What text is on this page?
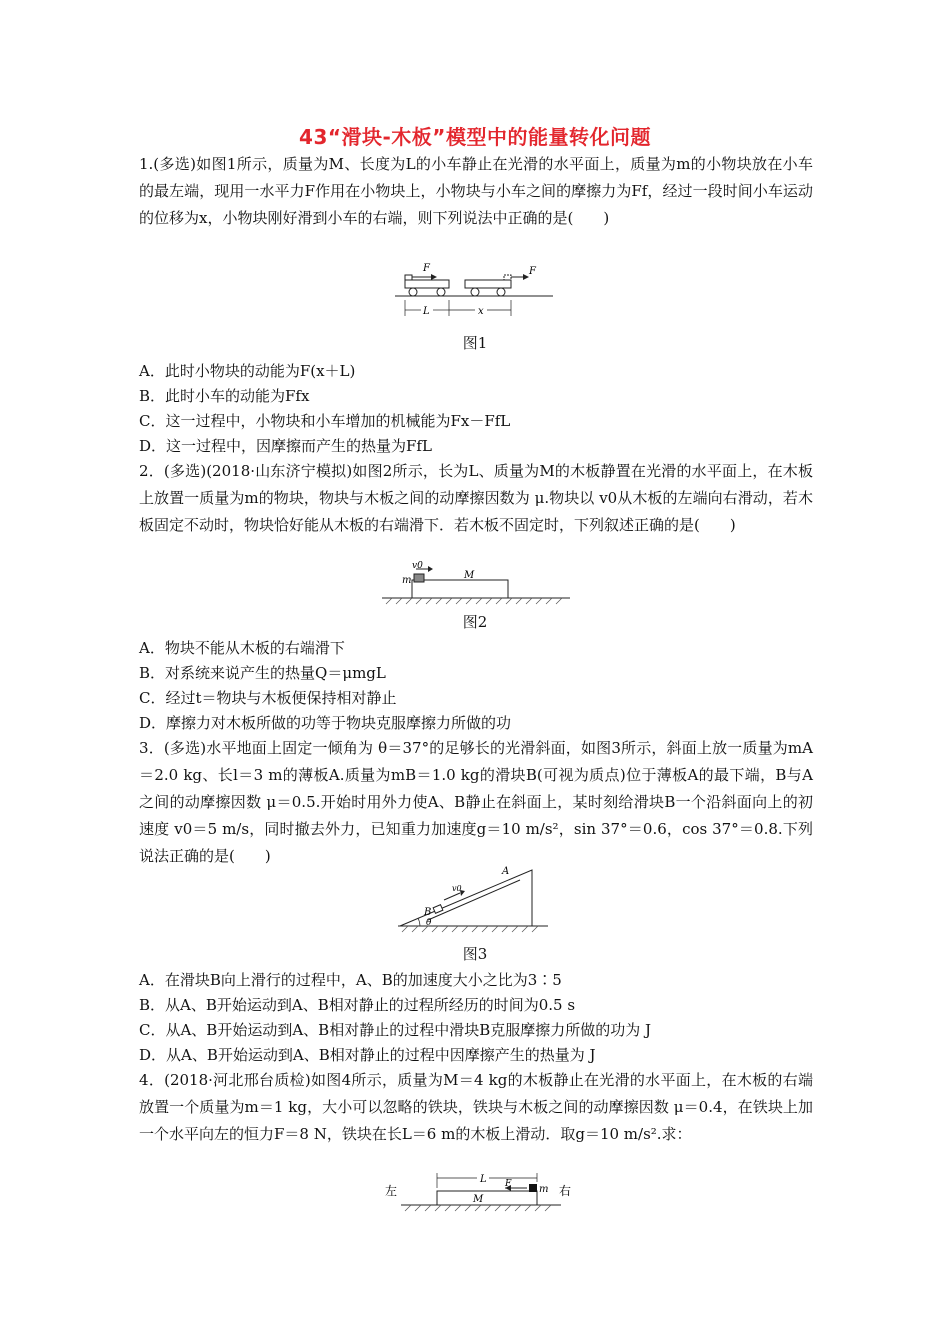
43“滑块-木板”模型中的能量转化问题
1.(多选)如图1所示，质量为M、长度为L的小车静止在光滑的水平面上，质量为m的小物块放在小车的最左端，现用一水平力F作用在小物块上，小物块与小车之间的摩擦力为Ff，经过一段时间小车运动的位移为x，小物块刚好滑到小车的右端，则下列说法中正确的是(　　)
F	F
L	x
图1
A．此时小物块的动能为F(x＋L)
B．此时小车的动能为Ffx
C．这一过程中，小物块和小车增加的机械能为Fx－FfL
D．这一过程中，因摩擦而产生的热量为FfL
2．(多选)(2018·山东济宁模拟)如图2所示，长为L、质量为M的木板静置在光滑的水平面上，在木板上放置一质量为m的物块，物块与木板之间的动摩擦因数为 μ.物块以 v0从木板的左端向右滑动，若木板固定不动时，物块恰好能从木板的右端滑下．若木板不固定时，下列叙述正确的是(　　)
v0
m	M
图2
A．物块不能从木板的右端滑下
B．对系统来说产生的热量Q＝μmgL
C．经过t＝物块与木板便保持相对静止
D．摩擦力对木板所做的功等于物块克服摩擦力所做的功
3．(多选)水平地面上固定一倾角为 θ＝37°的足够长的光滑斜面，如图3所示，斜面上放一质量为mA＝2.0 kg、长l＝3 m的薄板A.质量为mB＝1.0 kg的滑块B(可视为质点)位于薄板A的最下端，B与A之间的动摩擦因数 μ＝0.5.开始时用外力使A、B静止在斜面上，某时刻给滑块B一个沿斜面向上的初速度 v0＝5 m/s，同时撤去外力，已知重力加速度g＝10 m/s²，sin 37°＝0.6，cos 37°＝0.8.下列说法正确的是(　　)
A
B
v0
θ
图3
A．在滑块B向上滑行的过程中，A、B的加速度大小之比为3∶5
B．从A、B开始运动到A、B相对静止的过程所经历的时间为0.5 s
C．从A、B开始运动到A、B相对静止的过程中滑块B克服摩擦力所做的功为 J
D．从A、B开始运动到A、B相对静止的过程中因摩擦产生的热量为 J
4．(2018·河北邢台质检)如图4所示，质量为M＝4 kg的木板静止在光滑的水平面上，在木板的右端放置一个质量为m＝1 kg，大小可以忽略的铁块，铁块与木板之间的动摩擦因数 μ＝0.4，在铁块上加一个水平向左的恒力F＝8 N，铁块在长L＝6 m的木板上滑动．取g＝10 m/s².求：
左	右
L F
M
m
